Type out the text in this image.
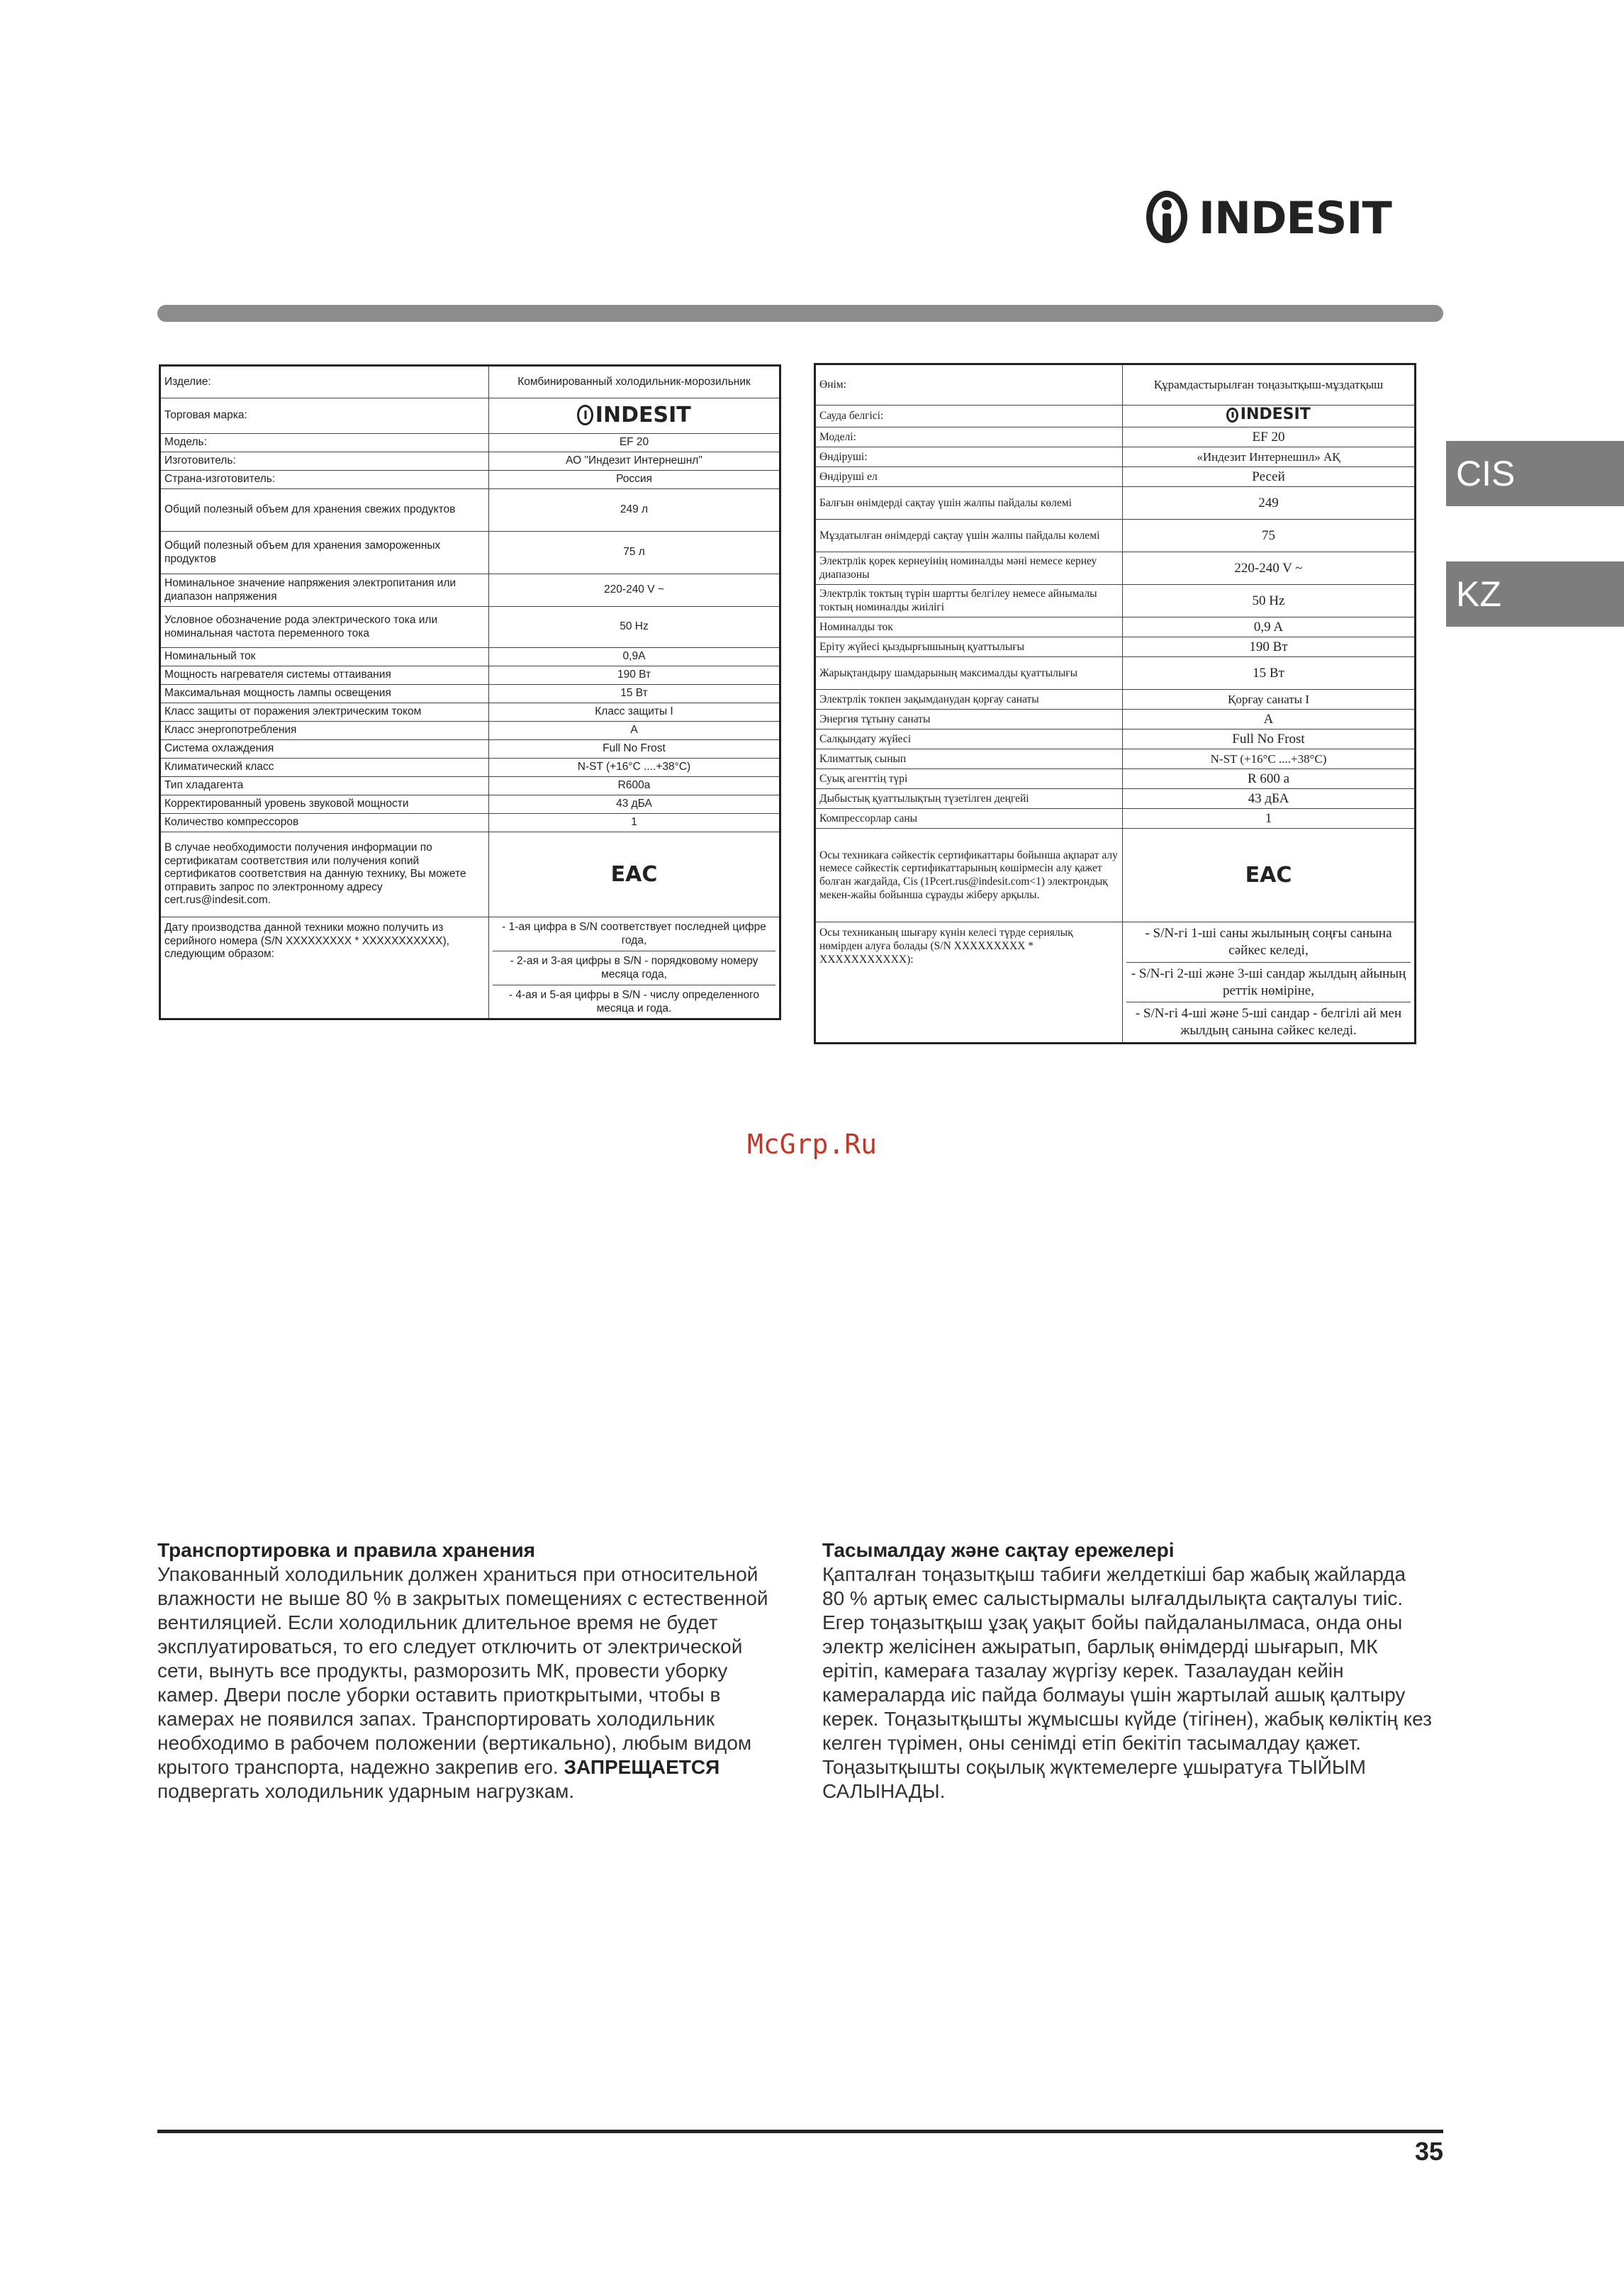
INDESIT
CIS
KZ
Изделие:	Комбинированный холодильник-морозильник
Торговая марка:	INDESIT

Модель:	EF 20
Изготовитель:	АО "Индезит Интернешнл"
Страна-изготовитель:	Россия
Общий полезный объем для хранения свежих продуктов	249 л
Общий полезный объем для хранения замороженных продуктов	75 л
Номинальное значение напряжения электропитания или диапазон напряжения	220-240 V ~
Условное обозначение рода электрического тока или номинальная частота переменного тока	50 Hz
Номинальный ток	0,9A
Мощность нагревателя системы оттаивания	190 Вт
Максимальная мощность лампы освещения	15 Вт
Класс защиты от поражения электрическим током	Класс защиты I
Класс энергопотребления	A
Система охлаждения	Full No Frost
Климатический класс	N-ST (+16°C ....+38°C)
Тип хладагента	R600a
Корректированный уровень звуковой мощности	43 дБА
Количество компрессоров	1
В случае необходимости получения информации по сертификатам соответствия или получения копий сертификатов соответствия на данную технику, Вы можете отправить запрос по электронному адресу cert.rus@indesit.com.	EAC
Дату производства данной техники можно получить из серийного номера (S/N XXXXXXXXX * XXXXXXXXXXX), следующим образом:	- 1-ая цифра в S/N соответствует последней цифре года,
- 2-ая и 3-ая цифры в S/N - порядковому номеру месяца года,
- 4-ая и 5-ая цифры в S/N - числу определенного месяца и года.
Өнім:	Құрамдастырылған тоңазытқыш-мұздатқыш
Сауда белгісі:	INDESIT

Моделі:	EF 20
Өндіруші:	«Индезит Интернешнл» АҚ
Өндіруші ел	Ресей
Балғын өнімдерді сақтау үшін жалпы пайдалы көлемі	249
Мұздатылған өнімдерді сақтау үшін жалпы пайдалы көлемі	75
Электрлік қорек кернеуінің номиналды мәні немесе кернеу диапазоны	220-240 V ~
Электрлік токтың түрін шартты белгілеу немесе айнымалы токтың номиналды жиілігі	50 Hz
Номиналды ток	0,9 A
Еріту жүйесі қыздырғышының қуаттылығы	190 Вт
Жарықтандыру шамдарының максималды қуаттылығы	15 Вт
Электрлік токпен зақымданудан қорғау санаты	Қорғау санаты I
Энергия тұтыну санаты	A
Салқындату жүйесі	Full No Frost
Климаттық сынып	N-ST (+16°C ....+38°C)
Суық агенттің түрі	R 600 a
Дыбыстық қуаттылықтың түзетілген деңгейі	43 дБА
Компрессорлар саны	1
Осы техникаға сәйкестік сертификаттары бойынша ақпарат алу немесе сәйкестік сертификаттарының көшірмесін алу қажет болған жағдайда, Cis (1Pcert.rus@indesit.com<1) электрондық мекен-жайы бойынша сұрауды жіберу арқылы.	EAC
Осы техниканың шығару күнін келесі түрде сериялық нөмірден алуға болады (S/N XXXXXXXXX * XXXXXXXXXXX):	- S/N-гі 1-ші саны жылының соңғы санына сәйкес келеді,
- S/N-гі 2-ші және 3-ші сандар жылдың айының реттік нөміріне,
- S/N-гі 4-ші және 5-ші сандар - белгілі ай мен жылдың санына сәйкес келеді.
McGrp.Ru
Транспортировка и правила хранения

Упакованный холодильник должен храниться при относительной влажности не выше 80 % в закрытых помещениях с естественной вентиляцией. Если холодильник длительное время не будет эксплуатироваться, то его следует отключить от электрической сети, вынуть все продукты, разморозить МК, провести уборку камер. Двери после уборки оставить приоткрытыми, чтобы в камерах не появился запах. Транспортировать холодильник необходимо в рабочем положении (вертикально), любым видом крытого транспорта, надежно закрепив его. ЗАПРЕЩАЕТСЯ подвергать холодильник ударным нагрузкам.

Тасымалдау және сақтау ережелері

Қапталған тоңазытқыш табиғи желдеткіші бар жабық жайларда 80 % артық емес салыстырмалы ылғалдылықта сақталуы тиіс. Егер тоңазытқыш ұзақ уақыт бойы пайдаланылмаса, онда оны электр желісінен ажыратып, барлық өнімдерді шығарып, МК ерітіп, камераға тазалау жүргізу керек. Тазалаудан кейін камераларда иіс пайда болмауы үшін жартылай ашық қалтыру керек. Тоңазытқышты жұмысшы күйде (тігінен), жабық көліктің кез келген түрімен, оны сенімді етіп бекітіп тасымалдау қажет. Тоңазытқышты соқылық жүктемелерге ұшыратуға ТЫЙЫМ САЛЫНАДЫ.

35
